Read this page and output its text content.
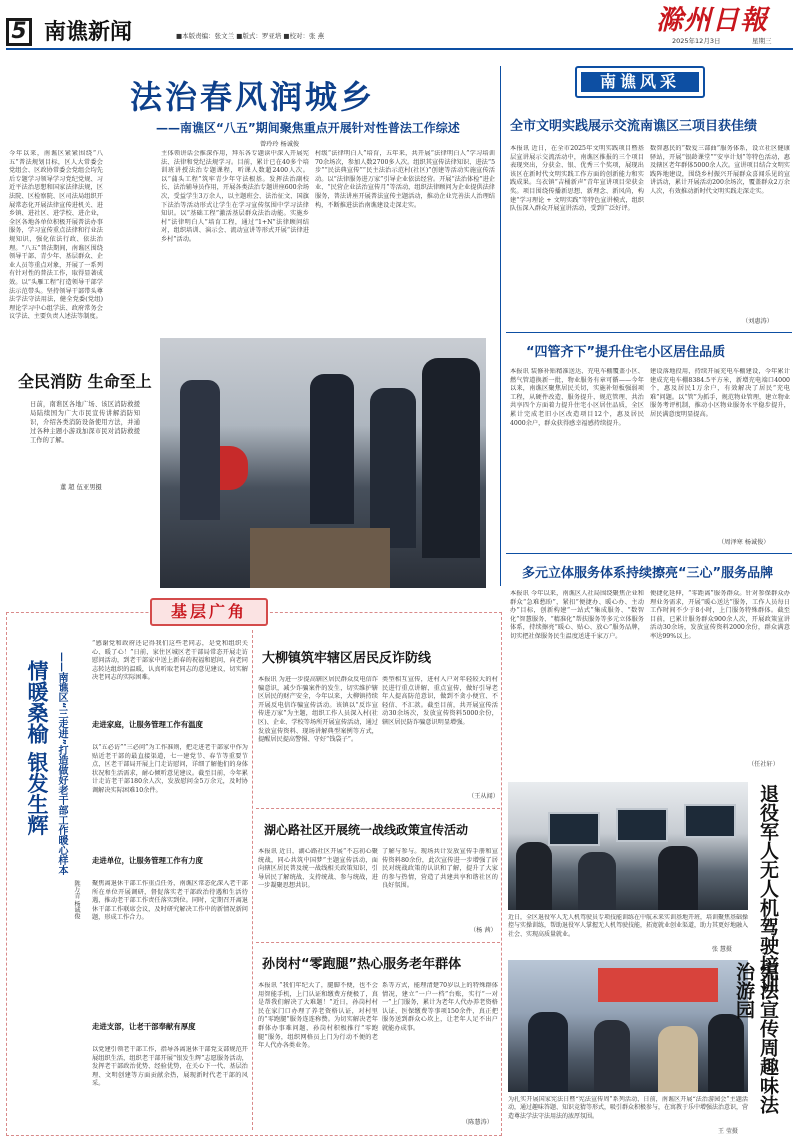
5 南谯新闻	■本版责编：张文兰 ■版式：罗亚培 ■校对：张 燕	滁州日報
2025年12月3日	星期三
法治春风润城乡
——南谯区“八五”期间聚焦重点开展针对性普法工作综述
曾玲玲 杨诚俊
今年以来，南谯区紧紧围绕“八五”普法规划目标，区人大常委会党组会、区政协常委会党组会均先后专题学习领导学习党纪党规、习近平法治思想和国家法律法规，区法院、区检察院、区司法局组织开展常态化开展法律宣传进机关、进乡镇、进社区、进学校、进企业，全区各地各单位积极开展普法办事服务，学习宣传重点法律和行业法规知识，强化依法行政、依法治理。“八五”普法期间，南谯区围绕领导干部、青少年、基层群众、企业人员等重点对象，开展了一系列有针对性的普法工作，取得显著成效。以“头雁工程”打造领导干部学法示范带头。坚持领导干部带头尊法学法守法用法，健全党委(党组)理论学习中心组学法、政府常务会议学法、主要负责人述法等制度。
主体领讲话会推深作用，拜东各专题读中深入开展宪法、法律和党纪法规学习。目前，累计已在40多个培训班讲授法治专题课程，听课人数超2400人次。以“蒲头工程”筑牢青少年守法根基。发挥法治副校长、法治辅导员作用，开展各类法治专题讲座600余场次，受益学生3万余人，以主题班会、法治征文、国旗下法治等活动形式让学生在学习宣传氛围中学习法律知识。以“基础工程”激活基层群众法治动能。实施乡村“法律明白人”培育工程，通过“1+N”法律顾问结对，组织培训、演示会、流动宣讲等形式开展“法律进乡村”活动。
村级“法律明白人”培育，五年来，共开展“法律明白人”学习培训70余场次，参加人数2700多人次。组织其宣传法律知识、进法“5步”“民法典宣传”“民主法治示范村(社区)”创建等活动实施宣传活动。以“法律服务进万家”引导企业依法经营。开展“法治体检”进企业、“民营企业法治宣传月”等活动，组织法律顾问为企业提供法律服务，普法讲座开展普法宣传主题活动，推动企业完善法人治理结构，不断推进法治南谯建设走深走实。
全民消防 生命至上
日前，南谯区各地广场、该区消防救援局陆续国为广大市民宣传讲解消防知识，介绍各类消防设备使用方法，并通过各种主题小游戏加深市民对消防救援工作的了解。
董 超 伍亚男摄
南谯风采
全市文明实践展示交流南谯区三项目获佳绩
本报讯 近日，在全市2025年文明实践项目暨基层宣讲展示交流活动中，南谯区推报的三个项目表现突出，分获金、银、优秀三个奖项，展现出该区在新时代文明实践工作方面的创新能力和实践成果。乌衣镇“吉桶新声”青年宣讲项目荣获金奖。项目围绕传播新思想、新理念、新风尚，构建“学习理论 + 文明实践”等特色宣讲模式，组织队伍深入群众开展宣讲活动，受到广泛好评。
数智惠民的“数爱三部曲”服务体系，设立社区健康驿站，开展“银龄课堂”“安享计划”等特色活动，惠及辖区老年群体5000余人次。宣讲项目结合文明实践阵地建设，围绕乡村振兴开展群众喜闻乐见的宣讲活动，累计开展活动200余场次，覆盖群众2万余人次，有效推动新时代文明实践走深走实。
（刘惠涛）
“四管齐下”提升住宅小区居住品质
本报讯 装修补贴精准送达、充电车棚覆盖小区、燃气管道换新一批，物业服务有章可循——今年以来，南谯区聚焦居民关切，实施补短板强弱项工程，从硬件改造、服务提升、规范管理、共治共享四个方面着力提升住宅小区居住品质，全区累计完成老旧小区改造项目12个，惠及居民4000余户，群众获得感幸福感持续提升。
建设落地投用，持续开展充电车棚建设，今年累计建成充电车棚8384.5平方米，新增充电端口4000个，惠及居民1万余户，有效解决了居民“充电难”问题。以“管”为抓手，规范物业管理，建立物业服务考评机制，推动小区物业服务水平稳步提升，居民满意度明显提高。
（周泽寒 杨诚俊）
多元立体服务体系持续擦亮“三心”服务品牌
本报讯 今年以来，南谯区人社局围绕聚焦企业和群众“急难愁盼”，紧扣“便捷办、暖心办、主动办”目标，创新构建“一站式”集成服务、“数智化”智慧服务、“精准化”帮扶服务等多元立体服务体系，持续擦亮“暖心、贴心、放心”服务品牌，切实把社保服务民生温度送进千家万户。
便捷化延伸，“零距离”服务群众。针对参保群众办理业务需求，开展“暖心送达”服务，工作人员每日工作时间不少于8小时，上门服务特殊群体。截至目前，已累计服务群众900余人次，开展政策宣讲活动30余场，发放宣传资料2000余份，群众满意率达99%以上。
（任社轩）
基层广角
情暖桑榆 银发生辉 ——南谯区“三走进”打造做好老干部工作暖心样本
陈万青 杨诚俊
“感谢党和政府还记得我们这些老同志，是党和组织关心、暖了心！”日前，家住区城区老干部局常态开展走访慰问活动，到老干部家中送上新春的祝福和慰问，向老同志转达组织的温暖，认真听取老同志的意见建议，切实解决老同志的实际困难。
走进家庭，让服务管理工作有温度
以“五必访”“三必问”为工作准则，把走进老干部家中作为贴近老干部的最直接渠道，七一建党节、春节等重要节点，区老干部局开展上门走访慰问，详细了解他们的身体状况和生活需求，耐心倾听意见建议。截至目前，今年累计走访老干部180余人次，发放慰问金5万余元，及时协调解决实际困难10余件。
走进单位，让服务管理工作有力度
聚焦离退休干部工作重点任务，南谯区常态化深入老干部所在单位开展调研，督促落实老干部政治待遇和生活待遇，推动老干部工作责任落实到位。同时，定期召开离退休干部工作联席会议，及时研究解决工作中的新情况新问题，形成工作合力。
走进支部，让老干部奉献有厚度
以党建引领老干部工作，指导各离退休干部党支部规范开展组织生活，组织老干部开展“银发生辉”志愿服务活动，发挥老干部政治优势、经验优势，在关心下一代、基层治理、文明创建等方面贡献余热，展现新时代老干部的风采。
大柳镇筑牢辖区居民反诈防线
本报讯 为进一步提高辖区居民群众反电信诈骗意识，减少诈骗案件的发生，切实维护辖区居民的财产安全，今年以来，大柳镇持续开展反电信诈骗宣传活动。该镇以“反诈宣传进万家”为主题，组织工作人员深入村(社区)、企业、学校等场所开展宣传活动，通过发放宣传资料、现场讲解典型案例等方式，提醒居民提高警惕、守好“钱袋子”。
类型相互宣传，进村入户对年轻较大的村民进行重点讲解，重点宣传，做好引导老年人提高防范意识，做到不贪小便宜、不轻信、不汇款。截至目前，共开展宣传活动30余场次，发放宣传资料5000余份，辖区居民防诈骗意识明显增强。
（王从闻）
湖心路社区开展统一战线政策宣传活动
本报讯 近日，湖心路社区开展“不忘初心聚统战，同心共筑中国梦”主题宣传活动，面向辖区居民普及统一战线相关政策知识，引导居民了解统战、支持统战、参与统战，进一步凝聚思想共识。
了解与参与。现场共计发放宣传手册和宣传资料80余份，此次宣传进一步增强了居民对统战政策的认识和了解，提升了大家的参与热情，营造了共建共享和谐社区的良好氛围。
（杨 茜）
孙岗村“零跑腿”热心服务老年群体
本报讯 “我们年纪大了，腿脚不便，也不会用智能手机，上门认证和缴费方便极了，真是帮我们解决了大难题！”近日，孙岗村村民在家门口办理了养老资格认证，对村里的“零跑腿”服务连连称赞。为切实解决老年群体办事难问题，孙岗村积极推行“零跑腿”服务，组织网格员上门为行动不便的老年人代办各类业务。
系等方式，能理清楚70岁以上的特殊群体情况，建立“一户一档”台账，实行“一对一”上门服务，累计为老年人代办养老资格认证、医保缴费等事项150余件，真正把服务送到群众心坎上，让老年人足不出户就能办成事。
（陈慧涛）
退役军人无人机驾驶培训
近日，全区退役军人无人机驾驶员专项技能训练在中航未来实训基地开班，培训聚焦基础操控与实操训练，帮助退役军人掌握无人机驾驶技能，拓宽就业创业渠道，助力其更好地融入社会、实现高质量就业。
张 慧摄
宪法宣传周趣味法治游园
为扎实开展国家宪法日暨“宪法宣传周”系列活动，日前，南谯区开展“法治游园会”主题活动，通过趣味答题、知识竞猜等形式，吸引群众积极参与，在寓教于乐中增强法治意识，营造尊法学法守法用法的浓厚氛围。
王 莹摄
